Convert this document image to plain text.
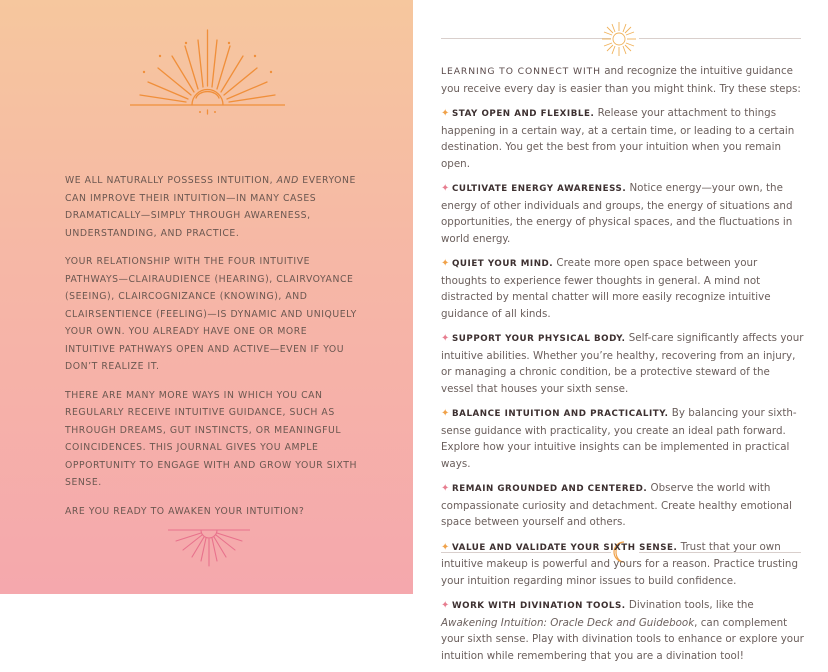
WE ALL NATURALLY POSSESS INTUITION, AND EVERYONE CAN IMPROVE THEIR INTUITION—IN MANY CASES DRAMATICALLY—SIMPLY THROUGH AWARENESS, UNDERSTANDING, AND PRACTICE.

YOUR RELATIONSHIP WITH THE FOUR INTUITIVE PATHWAYS—CLAIRAUDIENCE (HEARING), CLAIRVOYANCE (SEEING), CLAIRCOGNIZANCE (KNOWING), AND CLAIRSENTIENCE (FEELING)—IS DYNAMIC AND UNIQUELY YOUR OWN. YOU ALREADY HAVE ONE OR MORE INTUITIVE PATHWAYS OPEN AND ACTIVE—EVEN IF YOU DON’T REALIZE IT.

THERE ARE MANY MORE WAYS IN WHICH YOU CAN REGULARLY RECEIVE INTUITIVE GUIDANCE, SUCH AS THROUGH DREAMS, GUT INSTINCTS, OR MEANINGFUL COINCIDENCES. THIS JOURNAL GIVES YOU AMPLE OPPORTUNITY TO ENGAGE WITH AND GROW YOUR SIXTH SENSE.

ARE YOU READY TO AWAKEN YOUR INTUITION?

LEARNING TO CONNECT WITH and recognize the intuitive guidance you receive every day is easier than you might think. Try these steps:

✦ STAY OPEN AND FLEXIBLE. Release your attachment to things happening in a certain way, at a certain time, or leading to a certain destination. You get the best from your intuition when you remain open.

✦ CULTIVATE ENERGY AWARENESS. Notice energy—your own, the energy of other individuals and groups, the energy of situations and opportunities, the energy of physical spaces, and the fluctuations in world energy.

✦ QUIET YOUR MIND. Create more open space between your thoughts to experience fewer thoughts in general. A mind not distracted by mental chatter will more easily recognize intuitive guidance of all kinds.

✦ SUPPORT YOUR PHYSICAL BODY. Self-care significantly affects your intuitive abilities. Whether you’re healthy, recovering from an injury, or managing a chronic condition, be a protective steward of the vessel that houses your sixth sense.

✦ BALANCE INTUITION AND PRACTICALITY. By balancing your sixth-sense guidance with practicality, you create an ideal path forward. Explore how your intuitive insights can be implemented in practical ways.

✦ REMAIN GROUNDED AND CENTERED. Observe the world with compassionate curiosity and detachment. Create healthy emotional space between yourself and others.

✦ VALUE AND VALIDATE YOUR SIXTH SENSE. Trust that your own intuitive makeup is powerful and yours for a reason. Practice trusting your intuition regarding minor issues to build confidence.

✦ WORK WITH DIVINATION TOOLS. Divination tools, like the Awakening Intuition: Oracle Deck and Guidebook, can complement your sixth sense. Play with divination tools to enhance or explore your intuition while remembering that you are a divination tool!
